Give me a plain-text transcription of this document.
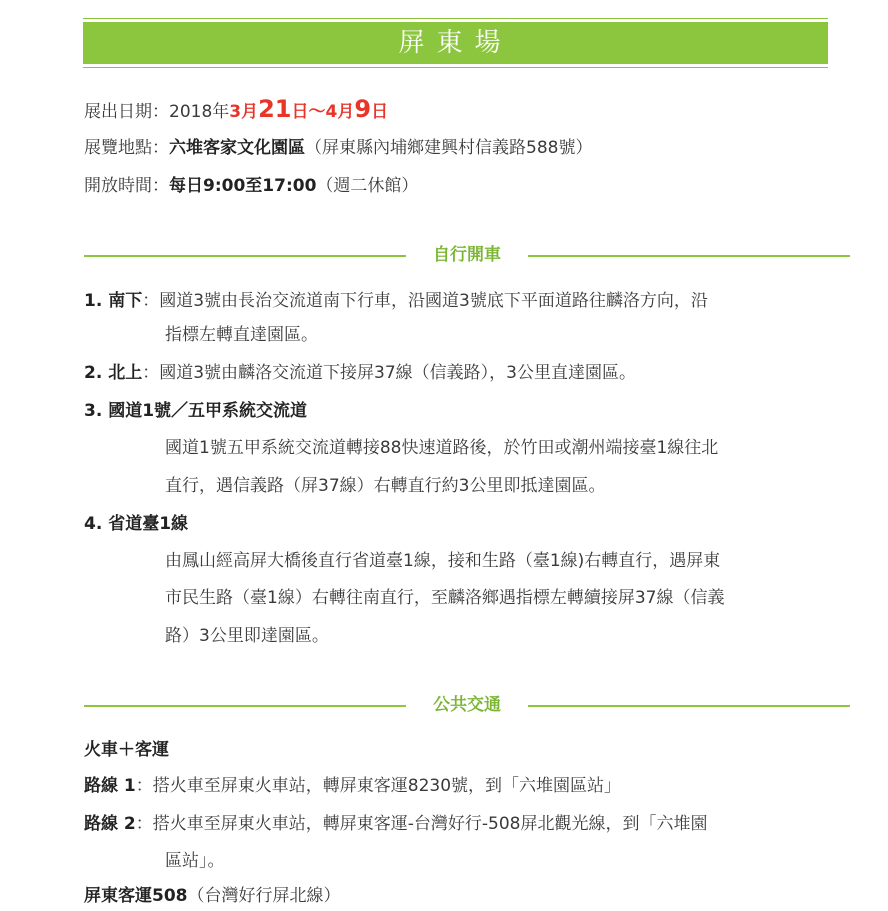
屏東場
展出日期：2018年3月21日～4月9日
展覽地點：六堆客家文化園區（屏東縣內埔鄉建興村信義路588號）
開放時間：每日9:00至17:00（週二休館）
自行開車
1. 南下：國道3號由長治交流道南下行車，沿國道3號底下平面道路往麟洛方向，沿
指標左轉直達園區。
2. 北上：國道3號由麟洛交流道下接屏37線（信義路），3公里直達園區。
3. 國道1號／五甲系統交流道
國道1號五甲系統交流道轉接88快速道路後，於竹田或潮州端接臺1線往北
直行，遇信義路（屏37線）右轉直行約3公里即抵達園區。
4. 省道臺1線
由鳳山經高屏大橋後直行省道臺1線，接和生路（臺1線)右轉直行，遇屏東
市民生路（臺1線）右轉往南直行，至麟洛鄉遇指標左轉續接屏37線（信義
路）3公里即達園區。
公共交通
火車＋客運
路線 1：搭火車至屏東火車站，轉屏東客運8230號，到「六堆園區站」
路線 2：搭火車至屏東火車站，轉屏東客運-台灣好行-508屏北觀光線，到「六堆園
區站」。
屏東客運508（台灣好行屏北線）
